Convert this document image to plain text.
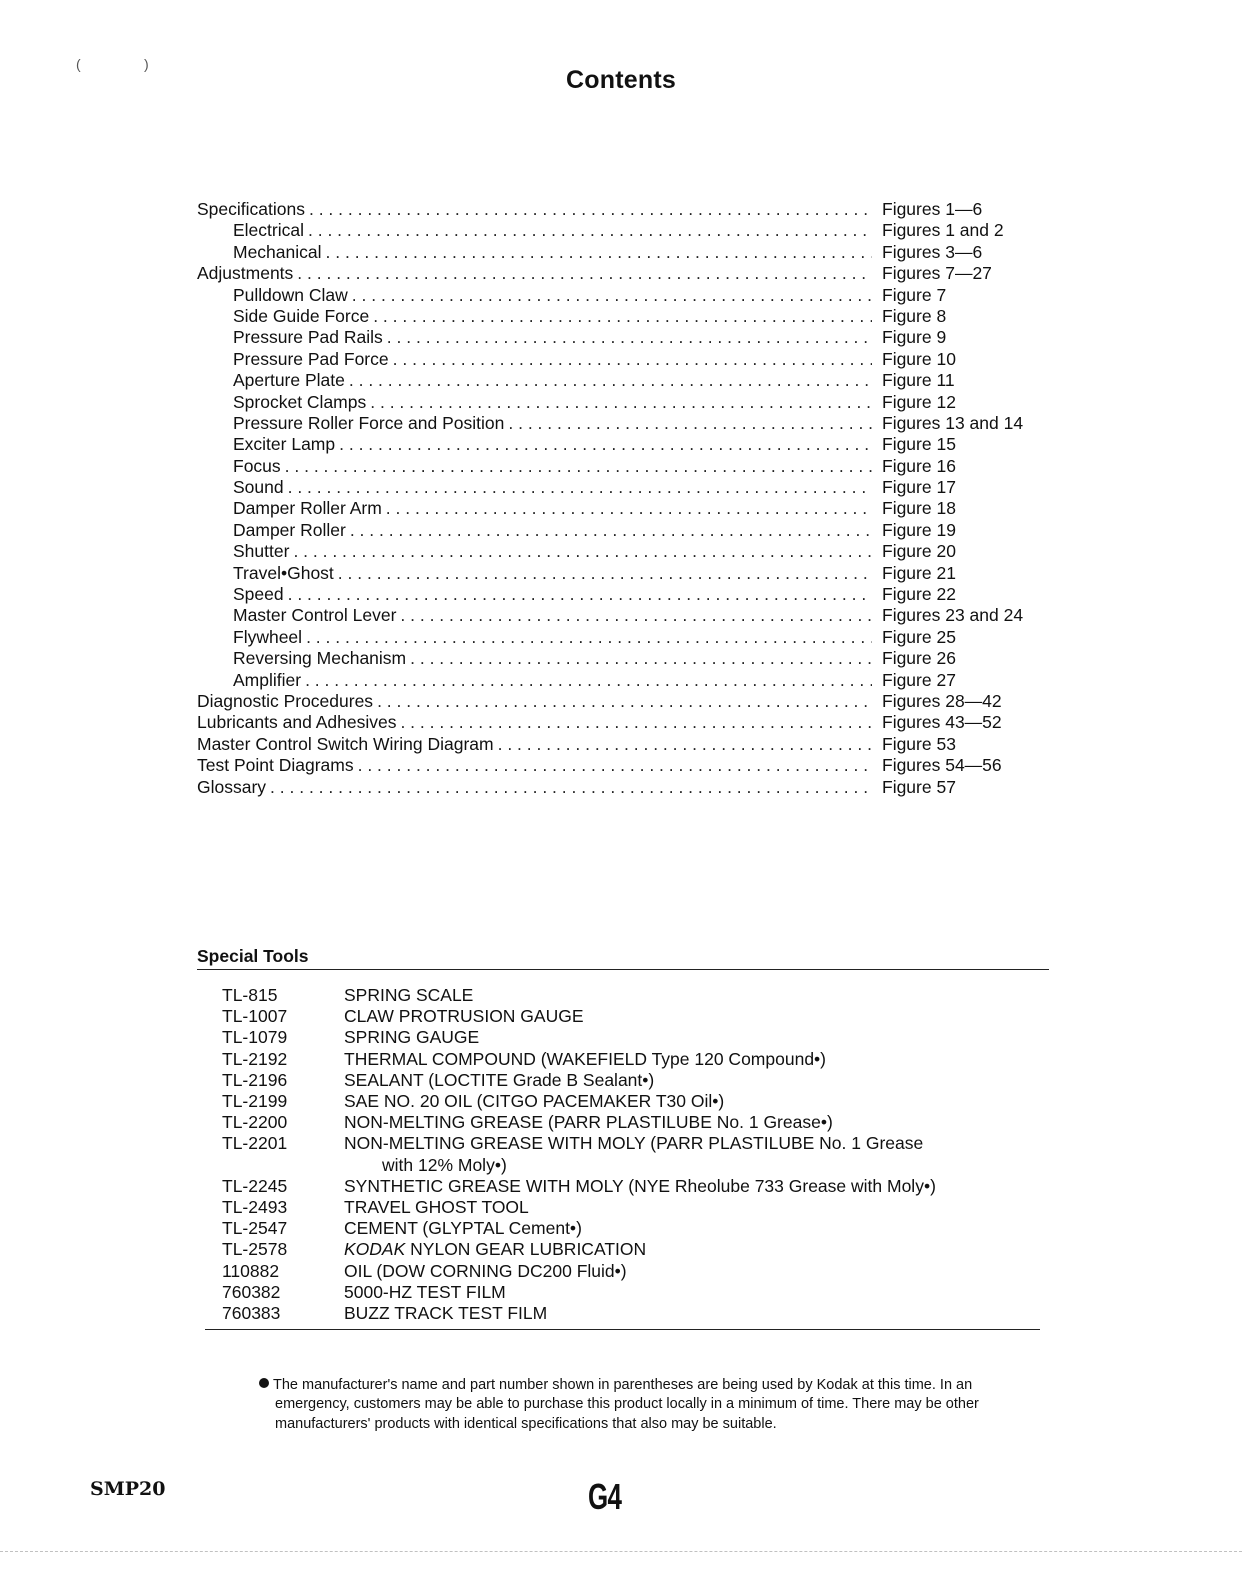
(	)
Contents
Specifications . . .	Figures 1—6
Electrical . . .	Figures 1 and 2
Mechanical . . .	Figures 3—6
Adjustments . . .	Figures 7—27
Pulldown Claw . . .	Figure 7
Side Guide Force . . .	Figure 8
Pressure Pad Rails . . .	Figure 9
Pressure Pad Force . . .	Figure 10
Aperture Plate . . .	Figure 11
Sprocket Clamps . . .	Figure 12
Pressure Roller Force and Position . . .	Figures 13 and 14
Exciter Lamp . . .	Figure 15
Focus . . .	Figure 16
Sound . . .	Figure 17
Damper Roller Arm . . .	Figure 18
Damper Roller . . .	Figure 19
Shutter . . .	Figure 20
Travel•Ghost . . .	Figure 21
Speed . . .	Figure 22
Master Control Lever . . .	Figures 23 and 24
Flywheel . . .	Figure 25
Reversing Mechanism . . .	Figure 26
Amplifier . . .	Figure 27
Diagnostic Procedures . . .	Figures 28—42
Lubricants and Adhesives . . .	Figures 43—52
Master Control Switch Wiring Diagram . . .	Figure 53
Test Point Diagrams . . .	Figures 54—56
Glossary . . .	Figure 57
Special Tools
TL-815	SPRING SCALE
TL-1007	CLAW PROTRUSION GAUGE
TL-1079	SPRING GAUGE
TL-2192	THERMAL COMPOUND (WAKEFIELD Type 120 Compound•)
TL-2196	SEALANT (LOCTITE Grade B Sealant•)
TL-2199	SAE NO. 20 OIL (CITGO PACEMAKER T30 Oil•)
TL-2200	NON-MELTING GREASE (PARR PLASTILUBE No. 1 Grease•)
TL-2201	NON-MELTING GREASE WITH MOLY (PARR PLASTILUBE No. 1 Grease
with 12% Moly•)
TL-2245	SYNTHETIC GREASE WITH MOLY (NYE Rheolube 733 Grease with Moly•)
TL-2493	TRAVEL GHOST TOOL
TL-2547	CEMENT (GLYPTAL Cement•)
TL-2578	KODAK NYLON GEAR LUBRICATION
110882	OIL (DOW CORNING DC200 Fluid•)
760382	5000-HZ TEST FILM
760383	BUZZ TRACK TEST FILM
The manufacturer's name and part number shown in parentheses are being used by Kodak at this time. In an emergency, customers may be able to purchase this product locally in a minimum of time. There may be other manufacturers' products with identical specifications that also may be suitable.
SMP20	G4
